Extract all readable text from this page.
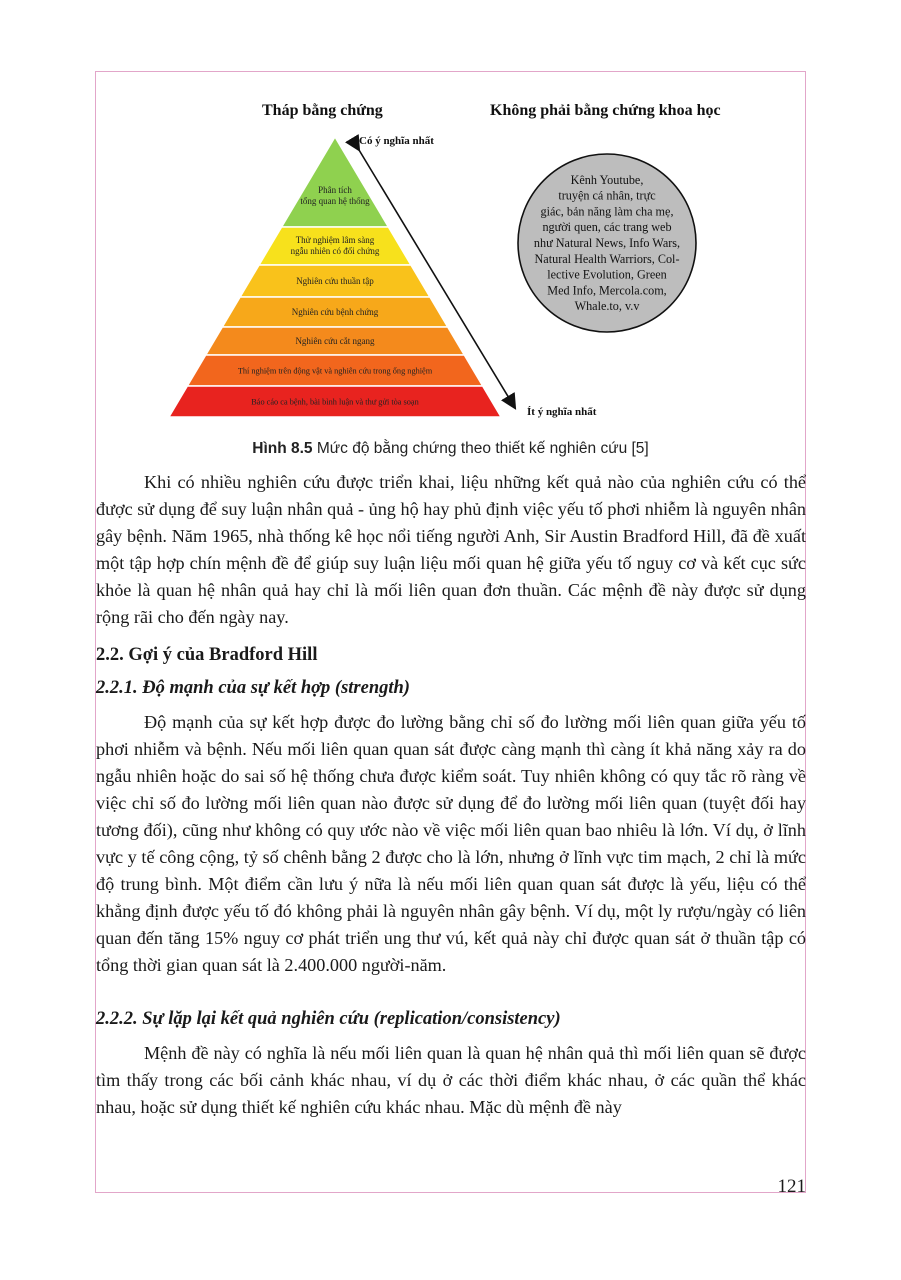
Phân tích
tổng quan hệ thống
Thử nghiệm lâm sàng
ngẫu nhiên có đối chứng
Nghiên cứu thuần tập
Nghiên cứu bệnh chứng
Nghiên cứu cắt ngang
Thí nghiệm trên động vật và nghiên cứu trong ống nghiệm
Báo cáo ca bệnh, bài bình luận và thư gửi tòa soạn
Tháp bằng chứng	Không phải bằng chứng khoa học
Có ý nghĩa nhất
Ít ý nghĩa nhất
Kênh Youtube,
truyện cá nhân, trực
giác, bản năng làm cha mẹ,
người quen, các trang web
như Natural News, Info Wars,
Natural Health Warriors, Col-
lective Evolution, Green
Med Info, Mercola.com,
Whale.to, v.v
Hình 8.5 Mức độ bằng chứng theo thiết kế nghiên cứu [5]

Khi có nhiều nghiên cứu được triển khai, liệu những kết quả nào của nghiên cứu có thể được sử dụng để suy luận nhân quả - ủng hộ hay phủ định việc yếu tố phơi nhiễm là nguyên nhân gây bệnh. Năm 1965, nhà thống kê học nổi tiếng người Anh, Sir Austin Bradford Hill, đã đề xuất một tập hợp chín mệnh đề để giúp suy luận liệu mối quan hệ giữa yếu tố nguy cơ và kết cục sức khỏe là quan hệ nhân quả hay chỉ là mối liên quan đơn thuần. Các mệnh đề này được sử dụng rộng rãi cho đến ngày nay.

2.2. Gợi ý của Bradford Hill
2.2.1. Độ mạnh của sự kết hợp (strength)

Độ mạnh của sự kết hợp được đo lường bằng chỉ số đo lường mối liên quan giữa yếu tố phơi nhiễm và bệnh. Nếu mối liên quan quan sát được càng mạnh thì càng ít khả năng xảy ra do ngẫu nhiên hoặc do sai số hệ thống chưa được kiểm soát. Tuy nhiên không có quy tắc rõ ràng về việc chỉ số đo lường mối liên quan nào được sử dụng để đo lường mối liên quan (tuyệt đối hay tương đối), cũng như không có quy ước nào về việc mối liên quan bao nhiêu là lớn. Ví dụ, ở lĩnh vực y tế công cộng, tỷ số chênh bằng 2 được cho là lớn, nhưng ở lĩnh vực tim mạch, 2 chỉ là mức độ trung bình. Một điểm cần lưu ý nữa là nếu mối liên quan quan sát được là yếu, liệu có thể khẳng định được yếu tố đó không phải là nguyên nhân gây bệnh. Ví dụ, một ly rượu/ngày có liên quan đến tăng 15% nguy cơ phát triển ung thư vú, kết quả này chỉ được quan sát ở thuần tập có tổng thời gian quan sát là 2.400.000 người-năm.

2.2.2. Sự lặp lại kết quả nghiên cứu (replication/consistency)

Mệnh đề này có nghĩa là nếu mối liên quan là quan hệ nhân quả thì mối liên quan sẽ được tìm thấy trong các bối cảnh khác nhau, ví dụ ở các thời điểm khác nhau, ở các quần thể khác nhau, hoặc sử dụng thiết kế nghiên cứu khác nhau. Mặc dù mệnh đề này

121
